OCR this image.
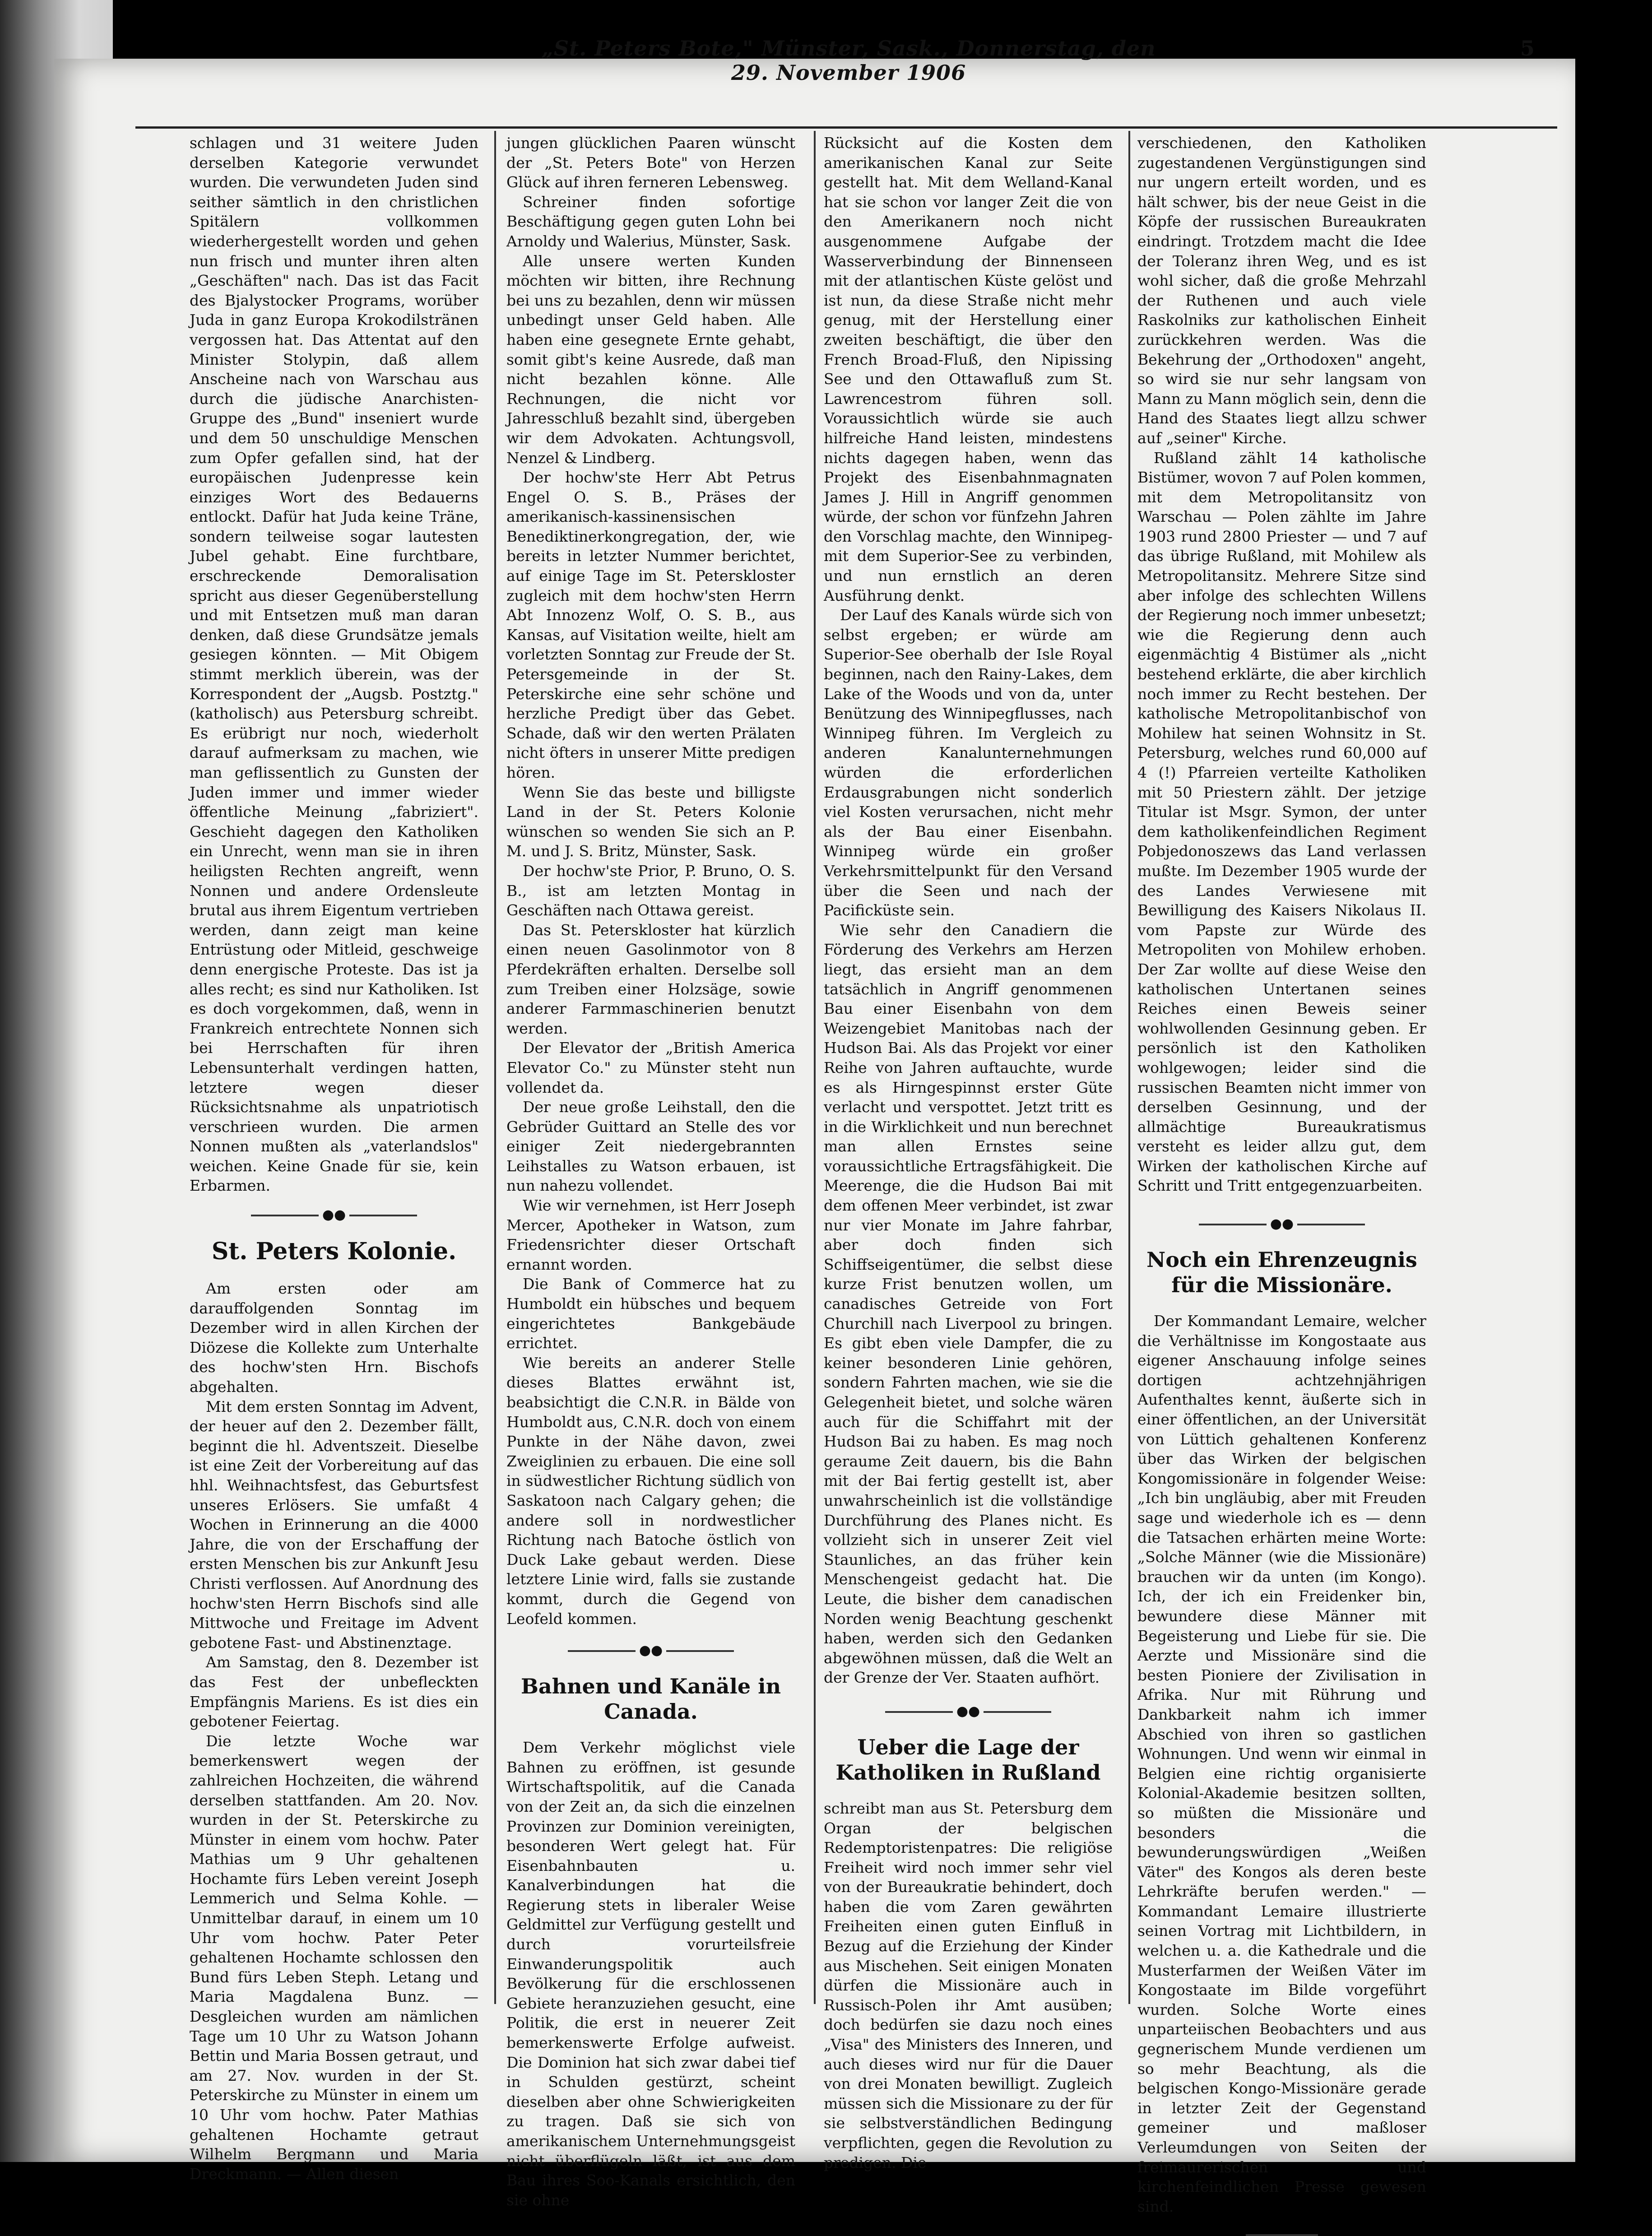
„St. Peters Bote," Münster, Sask., Donnerstag, den 29. November 1906
5

schlagen und 31 weitere Juden derselben Kategorie verwundet wurden. Die verwundeten Juden sind seither sämtlich in den christlichen Spitälern vollkommen wiederhergestellt worden und gehen nun frisch und munter ihren alten „Geschäften" nach. Das ist das Facit des Bjalystocker Programs, worüber Juda in ganz Europa Krokodilstränen vergossen hat. Das Attentat auf den Minister Stolypin, daß allem Anscheine nach von Warschau aus durch die jüdische Anarchisten-Gruppe des „Bund" inseniert wurde und dem 50 unschuldige Menschen zum Opfer gefallen sind, hat der europäischen Judenpresse kein einziges Wort des Bedauerns entlockt. Dafür hat Juda keine Träne, sondern teilweise sogar lautesten Jubel gehabt. Eine furchtbare, erschreckende Demoralisation spricht aus dieser Gegenüberstellung und mit Entsetzen muß man daran denken, daß diese Grundsätze jemals gesiegen könnten. — Mit Obigem stimmt merklich überein, was der Korrespondent der „Augsb. Postztg." (katholisch) aus Petersburg schreibt. Es erübrigt nur noch, wiederholt darauf aufmerksam zu machen, wie man geflissentlich zu Gunsten der Juden immer und immer wieder öffentliche Meinung „fabriziert". Geschieht dagegen den Katholiken ein Unrecht, wenn man sie in ihren heiligsten Rechten angreift, wenn Nonnen und andere Ordensleute brutal aus ihrem Eigentum vertrieben werden, dann zeigt man keine Entrüstung oder Mitleid, geschweige denn energische Proteste. Das ist ja alles recht; es sind nur Katholiken. Ist es doch vorgekommen, daß, wenn in Frankreich entrechtete Nonnen sich bei Herrschaften für ihren Lebensunterhalt verdingen hatten, letztere wegen dieser Rücksichtsnahme als unpatriotisch verschrieen wurden. Die armen Nonnen mußten als „vaterlandslos" weichen. Keine Gnade für sie, kein Erbarmen.

●●
St. Peters Kolonie.

Am ersten oder am darauffolgenden Sonntag im Dezember wird in allen Kirchen der Diözese die Kollekte zum Unterhalte des hochw'sten Hrn. Bischofs abgehalten.

Mit dem ersten Sonntag im Advent, der heuer auf den 2. Dezember fällt, beginnt die hl. Adventszeit. Dieselbe ist eine Zeit der Vorbereitung auf das hhl. Weihnachtsfest, das Geburtsfest unseres Erlösers. Sie umfaßt 4 Wochen in Erinnerung an die 4000 Jahre, die von der Erschaffung der ersten Menschen bis zur Ankunft Jesu Christi verflossen. Auf Anordnung des hochw'sten Herrn Bischofs sind alle Mittwoche und Freitage im Advent gebotene Fast- und Abstinenztage.

Am Samstag, den 8. Dezember ist das Fest der unbefleckten Empfängnis Mariens. Es ist dies ein gebotener Feiertag.

Die letzte Woche war bemerkenswert wegen der zahlreichen Hochzeiten, die während derselben stattfanden. Am 20. Nov. wurden in der St. Peterskirche zu Münster in einem vom hochw. Pater Mathias um 9 Uhr gehaltenen Hochamte fürs Leben vereint Joseph Lemmerich und Selma Kohle. — Unmittelbar darauf, in einem um 10 Uhr vom hochw. Pater Peter gehaltenen Hochamte schlossen den Bund fürs Leben Steph. Letang und Maria Magdalena Bunz. — Desgleichen wurden am nämlichen Tage um 10 Uhr zu Watson Johann Bettin und Maria Bossen getraut, und am 27. Nov. wurden in der St. Peterskirche zu Münster in einem um 10 Uhr vom hochw. Pater Mathias gehaltenen Hochamte getraut Wilhelm Bergmann und Maria Dreckmann. — Allen diesen

jungen glücklichen Paaren wünscht der „St. Peters Bote" von Herzen Glück auf ihren ferneren Lebensweg.

Schreiner finden sofortige Beschäftigung gegen guten Lohn bei Arnoldy und Walerius, Münster, Sask.

Alle unsere werten Kunden möchten wir bitten, ihre Rechnung bei uns zu bezahlen, denn wir müssen unbedingt unser Geld haben. Alle haben eine gesegnete Ernte gehabt, somit gibt's keine Ausrede, daß man nicht bezahlen könne. Alle Rechnungen, die nicht vor Jahresschluß bezahlt sind, übergeben wir dem Advokaten. Achtungsvoll, Nenzel & Lindberg.

Der hochw'ste Herr Abt Petrus Engel O. S. B., Präses der amerikanisch-kassinensischen Benediktinerkongregation, der, wie bereits in letzter Nummer berichtet, auf einige Tage im St. Peterskloster zugleich mit dem hochw'sten Herrn Abt Innozenz Wolf, O. S. B., aus Kansas, auf Visitation weilte, hielt am vorletzten Sonntag zur Freude der St. Petersgemeinde in der St. Peterskirche eine sehr schöne und herzliche Predigt über das Gebet. Schade, daß wir den werten Prälaten nicht öfters in unserer Mitte predigen hören.

Wenn Sie das beste und billigste Land in der St. Peters Kolonie wünschen so wenden Sie sich an P. M. und J. S. Britz, Münster, Sask.

Der hochw'ste Prior, P. Bruno, O. S. B., ist am letzten Montag in Geschäften nach Ottawa gereist.

Das St. Peterskloster hat kürzlich einen neuen Gasolinmotor von 8 Pferdekräften erhalten. Derselbe soll zum Treiben einer Holzsäge, sowie anderer Farmmaschinerien benutzt werden.

Der Elevator der „British America Elevator Co." zu Münster steht nun vollendet da.

Der neue große Leihstall, den die Gebrüder Guittard an Stelle des vor einiger Zeit niedergebrannten Leihstalles zu Watson erbauen, ist nun nahezu vollendet.

Wie wir vernehmen, ist Herr Joseph Mercer, Apotheker in Watson, zum Friedensrichter dieser Ortschaft ernannt worden.

Die Bank of Commerce hat zu Humboldt ein hübsches und bequem eingerichtetes Bankgebäude errichtet.

Wie bereits an anderer Stelle dieses Blattes erwähnt ist, beabsichtigt die C.N.R. in Bälde von Humboldt aus, C.N.R. doch von einem Punkte in der Nähe davon, zwei Zweiglinien zu erbauen. Die eine soll in südwestlicher Richtung südlich von Saskatoon nach Calgary gehen; die andere soll in nordwestlicher Richtung nach Batoche östlich von Duck Lake gebaut werden. Diese letztere Linie wird, falls sie zustande kommt, durch die Gegend von Leofeld kommen.

●●
Bahnen und Kanäle in Canada.

Dem Verkehr möglichst viele Bahnen zu eröffnen, ist gesunde Wirtschaftspolitik, auf die Canada von der Zeit an, da sich die einzelnen Provinzen zur Dominion vereinigten, besonderen Wert gelegt hat. Für Eisenbahnbauten u. Kanalverbindungen hat die Regierung stets in liberaler Weise Geldmittel zur Verfügung gestellt und durch vorurteilsfreie Einwanderungspolitik auch Bevölkerung für die erschlossenen Gebiete heranzuziehen gesucht, eine Politik, die erst in neuerer Zeit bemerkenswerte Erfolge aufweist. Die Dominion hat sich zwar dabei tief in Schulden gestürzt, scheint dieselben aber ohne Schwierigkeiten zu tragen. Daß sie sich von amerikanischem Unternehmungsgeist nicht überflügeln läßt, ist aus dem Bau ihres Soo-Kanals ersichtlich, den sie ohne

Rücksicht auf die Kosten dem amerikanischen Kanal zur Seite gestellt hat. Mit dem Welland-Kanal hat sie schon vor langer Zeit die von den Amerikanern noch nicht ausgenommene Aufgabe der Wasserverbindung der Binnenseen mit der atlantischen Küste gelöst und ist nun, da diese Straße nicht mehr genug, mit der Herstellung einer zweiten beschäftigt, die über den French Broad-Fluß, den Nipissing See und den Ottawafluß zum St. Lawrencestrom führen soll. Voraussichtlich würde sie auch hilfreiche Hand leisten, mindestens nichts dagegen haben, wenn das Projekt des Eisenbahnmagnaten James J. Hill in Angriff genommen würde, der schon vor fünfzehn Jahren den Vorschlag machte, den Winnipeg- mit dem Superior-See zu verbinden, und nun ernstlich an deren Ausführung denkt.

Der Lauf des Kanals würde sich von selbst ergeben; er würde am Superior-See oberhalb der Isle Royal beginnen, nach den Rainy-Lakes, dem Lake of the Woods und von da, unter Benützung des Winnipegflusses, nach Winnipeg führen. Im Vergleich zu anderen Kanalunternehmungen würden die erforderlichen Erdausgrabungen nicht sonderlich viel Kosten verursachen, nicht mehr als der Bau einer Eisenbahn. Winnipeg würde ein großer Verkehrsmittelpunkt für den Versand über die Seen und nach der Pacificküste sein.

Wie sehr den Canadiern die Förderung des Verkehrs am Herzen liegt, das ersieht man an dem tatsächlich in Angriff genommenen Bau einer Eisenbahn von dem Weizengebiet Manitobas nach der Hudson Bai. Als das Projekt vor einer Reihe von Jahren auftauchte, wurde es als Hirngespinnst erster Güte verlacht und verspottet. Jetzt tritt es in die Wirklichkeit und nun berechnet man allen Ernstes seine voraussichtliche Ertragsfähigkeit. Die Meerenge, die die Hudson Bai mit dem offenen Meer verbindet, ist zwar nur vier Monate im Jahre fahrbar, aber doch finden sich Schiffseigentümer, die selbst diese kurze Frist benutzen wollen, um canadisches Getreide von Fort Churchill nach Liverpool zu bringen. Es gibt eben viele Dampfer, die zu keiner besonderen Linie gehören, sondern Fahrten machen, wie sie die Gelegenheit bietet, und solche wären auch für die Schiffahrt mit der Hudson Bai zu haben. Es mag noch geraume Zeit dauern, bis die Bahn mit der Bai fertig gestellt ist, aber unwahrscheinlich ist die vollständige Durchführung des Planes nicht. Es vollzieht sich in unserer Zeit viel Staunliches, an das früher kein Menschengeist gedacht hat. Die Leute, die bisher dem canadischen Norden wenig Beachtung geschenkt haben, werden sich den Gedanken abgewöhnen müssen, daß die Welt an der Grenze der Ver. Staaten aufhört.

●●
Ueber die Lage der Katholiken in Rußland

schreibt man aus St. Petersburg dem Organ der belgischen Redemptoristenpatres: Die religiöse Freiheit wird noch immer sehr viel von der Bureaukratie behindert, doch haben die vom Zaren gewährten Freiheiten einen guten Einfluß in Bezug auf die Erziehung der Kinder aus Mischehen. Seit einigen Monaten dürfen die Missionäre auch in Russisch-Polen ihr Amt ausüben; doch bedürfen sie dazu noch eines „Visa" des Ministers des Inneren, und auch dieses wird nur für die Dauer von drei Monaten bewilligt. Zugleich müssen sich die Missionare zu der für sie selbstverständlichen Bedingung verpflichten, gegen die Revolution zu predigen. Die

verschiedenen, den Katholiken zugestandenen Vergünstigungen sind nur ungern erteilt worden, und es hält schwer, bis der neue Geist in die Köpfe der russischen Bureaukraten eindringt. Trotzdem macht die Idee der Toleranz ihren Weg, und es ist wohl sicher, daß die große Mehrzahl der Ruthenen und auch viele Raskolniks zur katholischen Einheit zurückkehren werden. Was die Bekehrung der „Orthodoxen" angeht, so wird sie nur sehr langsam von Mann zu Mann möglich sein, denn die Hand des Staates liegt allzu schwer auf „seiner" Kirche.

Rußland zählt 14 katholische Bistümer, wovon 7 auf Polen kommen, mit dem Metropolitansitz von Warschau — Polen zählte im Jahre 1903 rund 2800 Priester — und 7 auf das übrige Rußland, mit Mohilew als Metropolitansitz. Mehrere Sitze sind aber infolge des schlechten Willens der Regierung noch immer unbesetzt; wie die Regierung denn auch eigenmächtig 4 Bistümer als „nicht bestehend erklärte, die aber kirchlich noch immer zu Recht bestehen. Der katholische Metropolitanbischof von Mohilew hat seinen Wohnsitz in St. Petersburg, welches rund 60,000 auf 4 (!) Pfarreien verteilte Katholiken mit 50 Priestern zählt. Der jetzige Titular ist Msgr. Symon, der unter dem katholikenfeindlichen Regiment Pobjedonoszews das Land verlassen mußte. Im Dezember 1905 wurde der des Landes Verwiesene mit Bewilligung des Kaisers Nikolaus II. vom Papste zur Würde des Metropoliten von Mohilew erhoben. Der Zar wollte auf diese Weise den katholischen Untertanen seines Reiches einen Beweis seiner wohlwollenden Gesinnung geben. Er persönlich ist den Katholiken wohlgewogen; leider sind die russischen Beamten nicht immer von derselben Gesinnung, und der allmächtige Bureaukratismus versteht es leider allzu gut, dem Wirken der katholischen Kirche auf Schritt und Tritt entgegenzuarbeiten.

●●
Noch ein Ehrenzeugnis für die Missionäre.

Der Kommandant Lemaire, welcher die Verhältnisse im Kongostaate aus eigener Anschauung infolge seines dortigen achtzehnjährigen Aufenthaltes kennt, äußerte sich in einer öffentlichen, an der Universität von Lüttich gehaltenen Konferenz über das Wirken der belgischen Kongomissionäre in folgender Weise: „Ich bin ungläubig, aber mit Freuden sage und wiederhole ich es — denn die Tatsachen erhärten meine Worte: „Solche Männer (wie die Missionäre) brauchen wir da unten (im Kongo). Ich, der ich ein Freidenker bin, bewundere diese Männer mit Begeisterung und Liebe für sie. Die Aerzte und Missionäre sind die besten Pioniere der Zivilisation in Afrika. Nur mit Rührung und Dankbarkeit nahm ich immer Abschied von ihren so gastlichen Wohnungen. Und wenn wir einmal in Belgien eine richtig organisierte Kolonial-Akademie besitzen sollten, so müßten die Missionäre und besonders die bewunderungswürdigen „Weißen Väter" des Kongos als deren beste Lehrkräfte berufen werden." — Kommandant Lemaire illustrierte seinen Vortrag mit Lichtbildern, in welchen u. a. die Kathedrale und die Musterfarmen der Weißen Väter im Kongostaate im Bilde vorgeführt wurden. Solche Worte eines unparteiischen Beobachters und aus gegnerischem Munde verdienen um so mehr Beachtung, als die belgischen Kongo-Missionäre gerade in letzter Zeit der Gegenstand gemeiner und maßloser Verleumdungen von Seiten der freimaurerischen und kirchenfeindlichen Presse gewesen sind.
